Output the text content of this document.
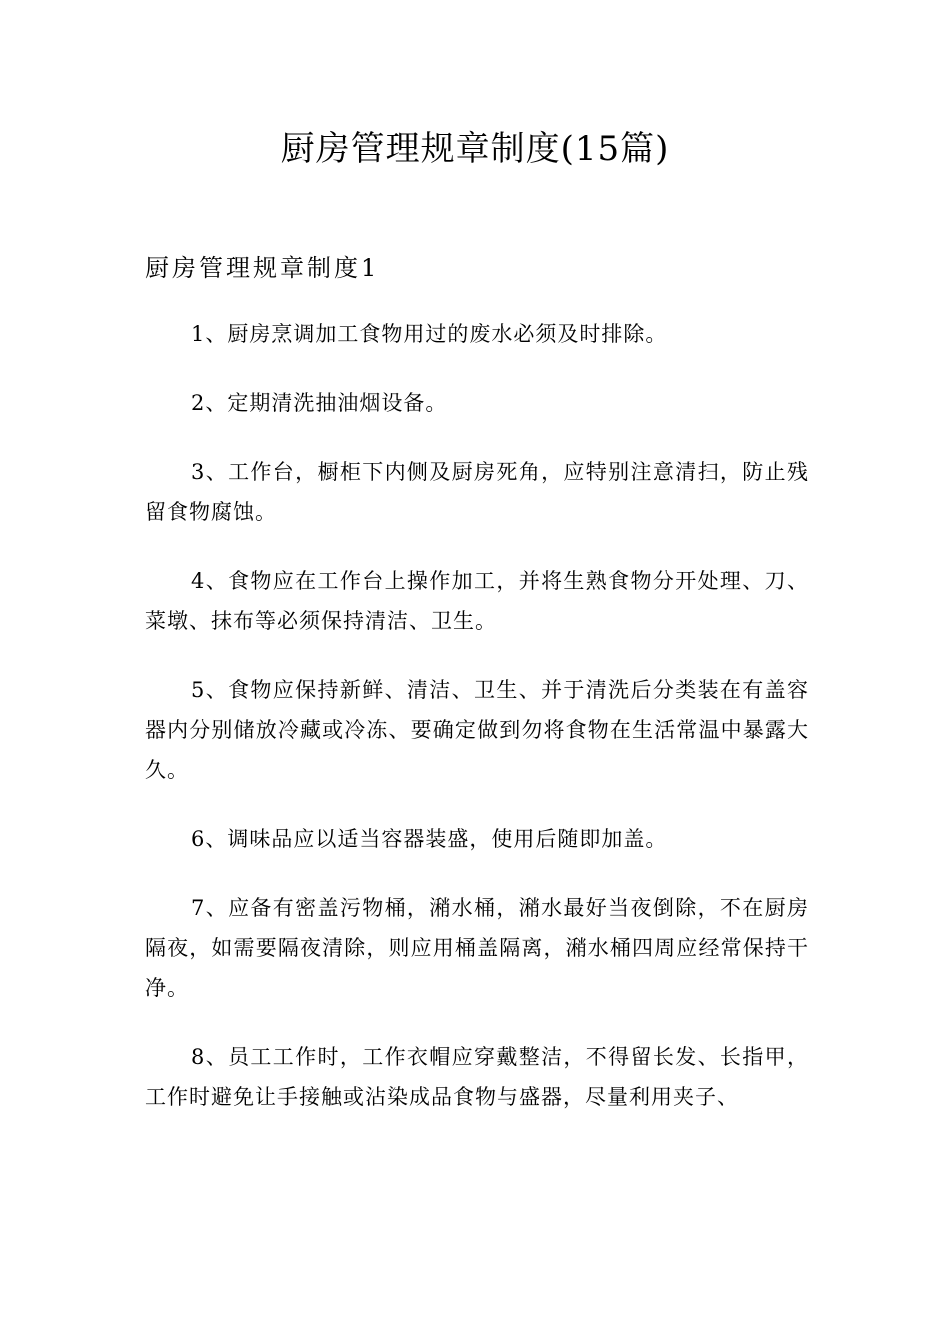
厨房管理规章制度(15篇)
厨房管理规章制度1

1、厨房烹调加工食物用过的废水必须及时排除。

2、定期清洗抽油烟设备。

3、工作台，橱柜下内侧及厨房死角，应特别注意清扫，防止残留食物腐蚀。

4、食物应在工作台上操作加工，并将生熟食物分开处理、刀、菜墩、抹布等必须保持清洁、卫生。

5、食物应保持新鲜、清洁、卫生、并于清洗后分类装在有盖容器内分别储放冷藏或冷冻、要确定做到勿将食物在生活常温中暴露大久。

6、调味品应以适当容器装盛，使用后随即加盖。

7、应备有密盖污物桶，潲水桶，潲水最好当夜倒除，不在厨房隔夜，如需要隔夜清除，则应用桶盖隔离，潲水桶四周应经常保持干净。

8、员工工作时，工作衣帽应穿戴整洁，不得留长发、长指甲，工作时避免让手接触或沾染成品食物与盛器，尽量利用夹子、
